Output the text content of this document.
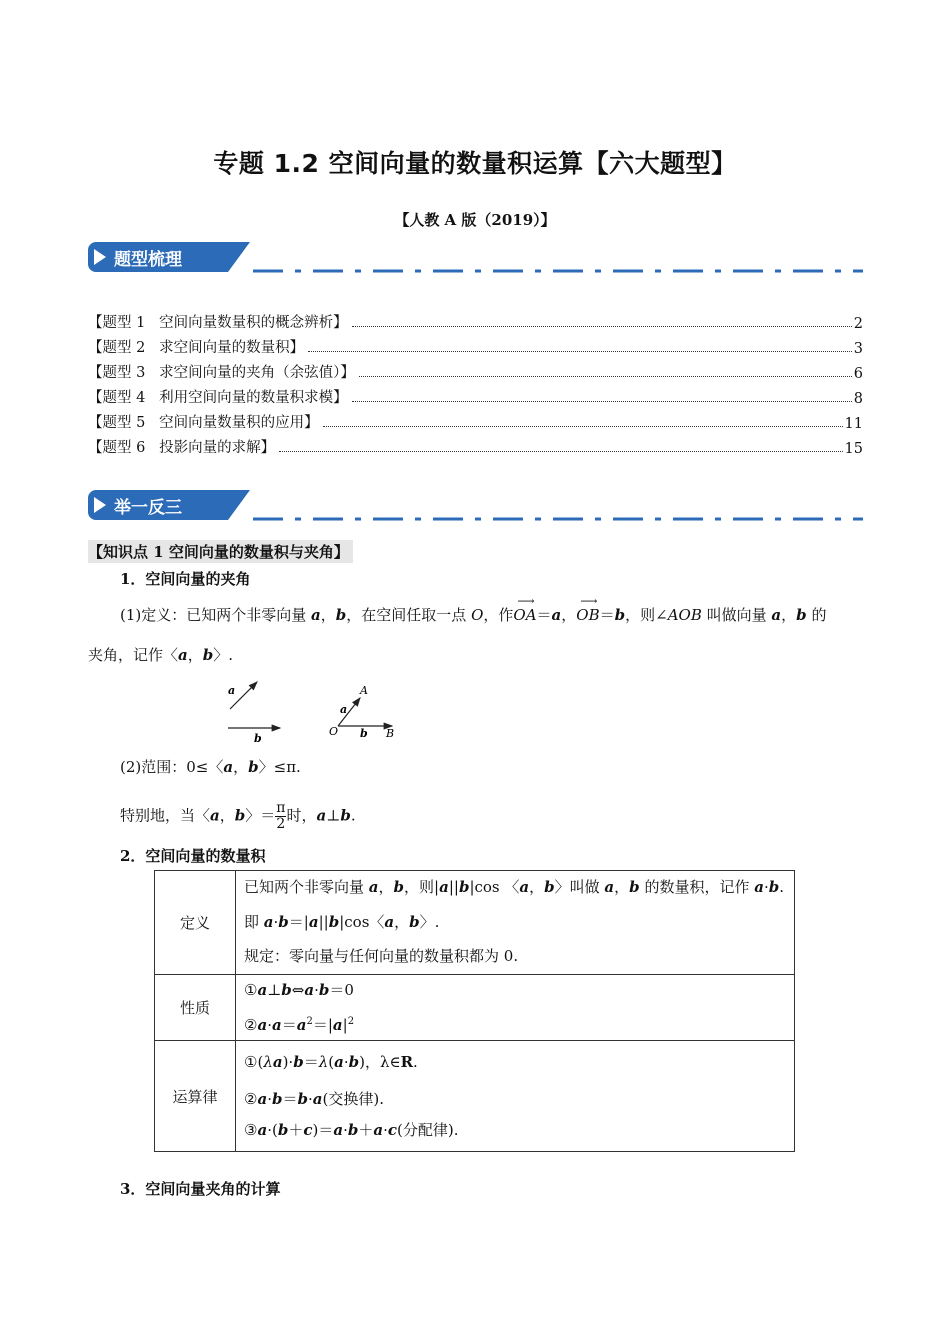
专题 1.2 空间向量的数量积运算【六大题型】
【人教 A 版（2019）】
题型梳理
【题型 1   空间向量数量积的概念辨析】	2
【题型 2   求空间向量的数量积】	3
【题型 3   求空间向量的夹角（余弦值）】	6
【题型 4   利用空间向量的数量积求模】	8
【题型 5   空间向量数量积的应用】	11
【题型 6   投影向量的求解】	15
举一反三
【知识点 1 空间向量的数量积与夹角】
1．空间向量的夹角
(1)定义：已知两个非零向量 a，b，在空间任取一点 O，作
⟶
OA＝a，
⟶
OB＝b，则∠AOB 叫做向量 a，b 的
夹角，记作〈a，b〉.
a
b
A
a
O b B
(2)范围：0≤〈a，b〉≤π.
特别地，当〈a，b〉＝ $\frac{\pi}{2}$ 时，a⊥b.
2．空间向量的数量积
定义	已知两个非零向量 a，b，则|a||b|cos 〈a，b〉叫做 a，b 的数量积，记作 a·b.
即 a·b＝|a||b|cos〈a，b〉.
规定：零向量与任何向量的数量积都为 0.

性质	①a⊥b⇔a·b＝0
$②a\cdot a=a^2=|a|^2$

运算律	①(λa)·b＝λ(a·b)，λ∈R.
②a·b＝b·a(交换律).
③a·(b＋c)＝a·b＋a·c(分配律).
3．空间向量夹角的计算
